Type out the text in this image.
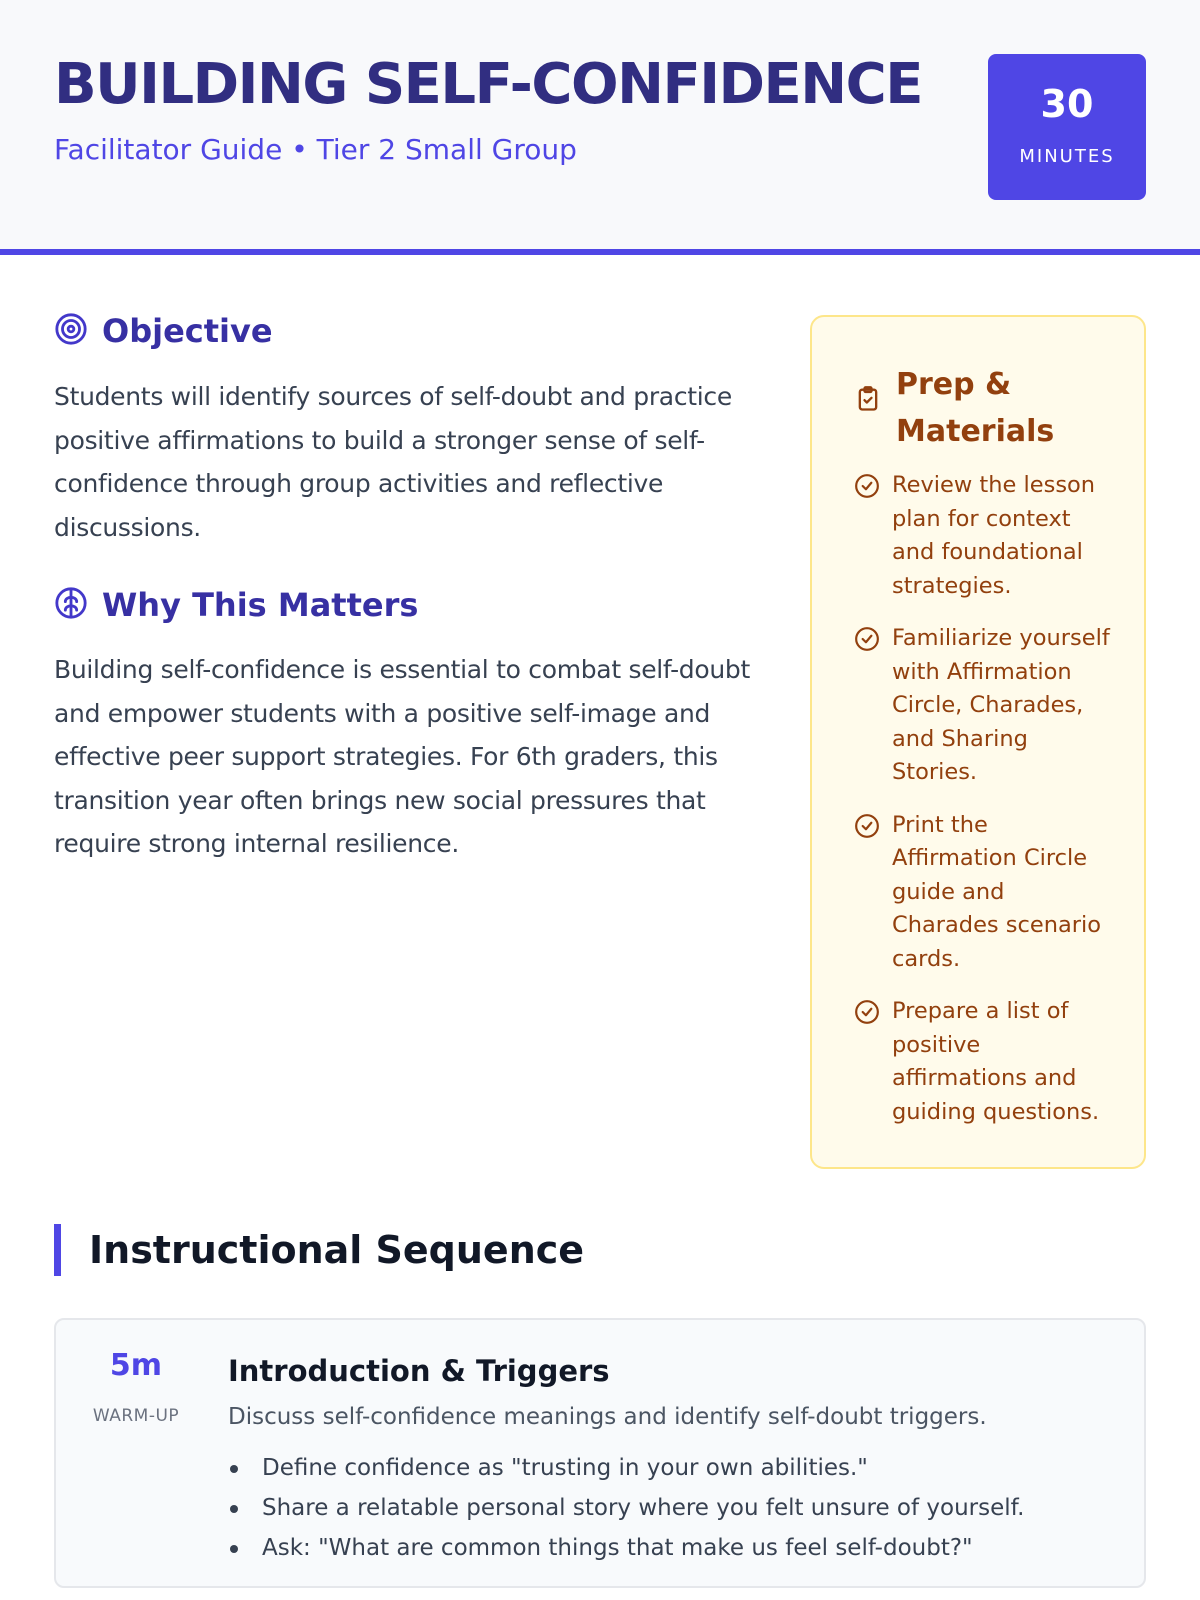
BUILDING SELF-CONFIDENCE
Facilitator Guide • Tier 2 Small Group
30
MINUTES
Objective

Students will identify sources of self-doubt and practice positive affirmations to build a stronger sense of self-confidence through group activities and reflective discussions.

Why This Matters

Building self-confidence is essential to combat self-doubt and empower students with a positive self-image and effective peer support strategies. For 6th graders, this transition year often brings new social pressures that require strong internal resilience.

Prep & Materials
Review the lesson plan for context and foundational strategies.
Familiarize yourself with Affirmation Circle, Charades, and Sharing Stories.
Print the Affirmation Circle guide and Charades scenario cards.
Prepare a list of positive affirmations and guiding questions.
Instructional Sequence
5m
WARM-UP
Introduction & Triggers
Discuss self-confidence meanings and identify self-doubt triggers.
Define confidence as "trusting in your own abilities."
Share a relatable personal story where you felt unsure of yourself.
Ask: "What are common things that make us feel self-doubt?"
